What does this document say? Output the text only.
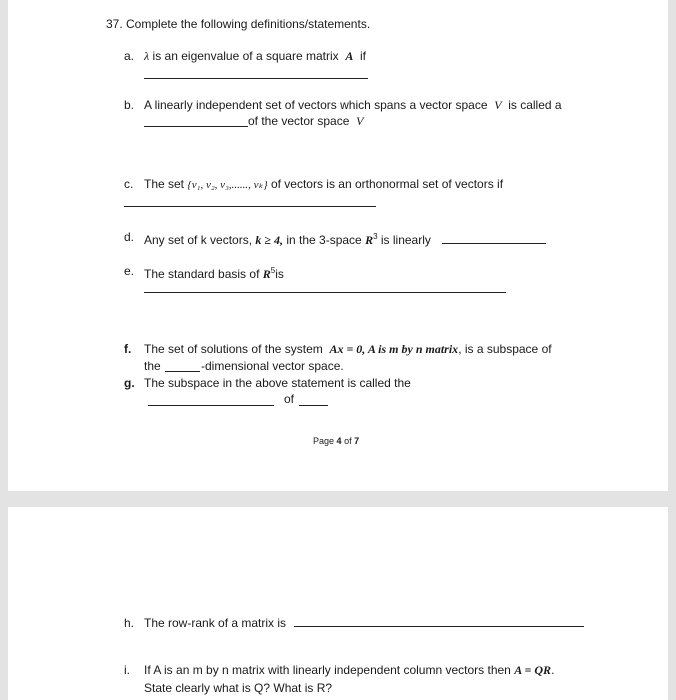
37. Complete the following definitions/statements.
a. λ is an eigenvalue of a square matrix A if
b. A linearly independent set of vectors which spans a vector space V is called a
of the vector space V
c. The set {v₁, v₂, v₃,......, vₖ} of vectors is an orthonormal set of vectors if
d. Any set of k vectors, k ≥ 4, in the 3-space $R^3$ is linearly
e. The standard basis of $R^5is$
f. The set of solutions of the system Ax = 0, A is m by n matrix, is a subspace of
the	-dimensional vector space.
g. The subspace in the above statement is called the
of
Page 4 of 7
h. The row-rank of a matrix is
i. If A is an m by n matrix with linearly independent column vectors then A = QR.
State clearly what is Q? What is R?
